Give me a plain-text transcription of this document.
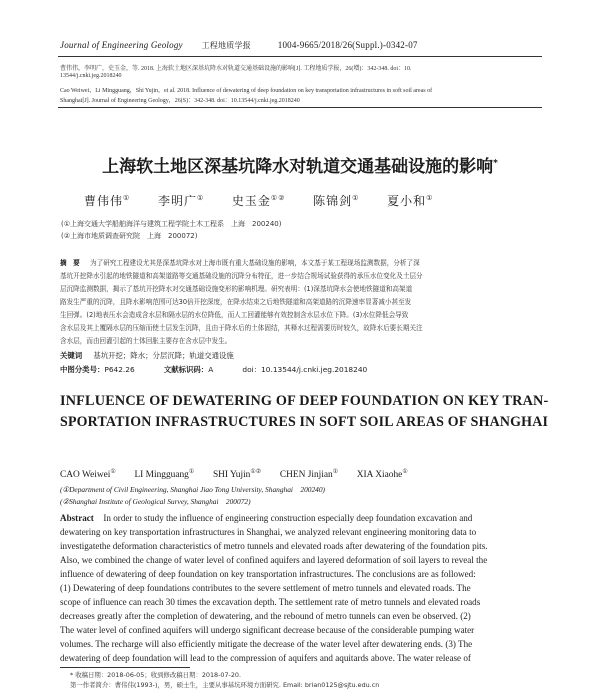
Journal of Engineering Geology 工程地质学报	1004-9665/2018/26(Suppl.)-0342-07
曹伟伟，李明广，史玉金，等. 2018. 上海软土地区深基坑降水对轨道交通基础设施的影响[J]. 工程地质学报，26(增)：342-348. doi：10.
13544/j.cnki.jeg.2018240
Cao Weiwei，Li Mingguang，Shi Yujin，et al. 2018. Influence of dewatering of deep foundation on key transportation infrastructures in soft soil areas of
Shanghai[J]. Journal of Engineering Geology，26(S)：342-348. doi：10.13544/j.cnki.jeg.2018240
上海软土地区深基坑降水对轨道交通基础设施的影响*
曹伟伟① 李明广① 史玉金①② 陈锦剑① 夏小和①
(①上海交通大学船舶海洋与建筑工程学院土木工程系　上海　200240)
(②上海市地质调查研究院　上海　200072)
摘　要 为了研究工程建设尤其是深基坑降水对上海市既有重大基础设施的影响，本文基于某工程现场监测数据，分析了深
基坑开挖降水引起的地铁隧道和高架道路等交通基础设施的沉降分布特征，进一步结合规场试验获得的承压水位变化及土层分
层沉降监测数据，揭示了基坑开挖降水对交通基础设施变形的影响机理。研究表明：(1)深基坑降水会使地铁隧道和高架道
路发生严重的沉降，且降水影响范围可达30倍开挖深度，在降水结束之后地铁隧道和高架道路的沉降速率显著减小甚至发
生回弹。(2)地表压水会造成含水层和隔水层的水位降低，而人工回灌能够有效控制含水层水位下降。(3)水位降低会导致
含水层及其上覆隔水层的压缩而使土层发生沉降，且由于降水后的土体固结，其释水过程需要历时较久，故降水后要长期关注
含水层，而由回灌引起的土体回胀主要存在含水层中发生。
关键词 基坑开挖；降水；分层沉降；轨道交通设施
中图分类号：P642.26	文献标识码：A	doi：10.13544/j.cnki.jeg.2018240
INFLUENCE OF DEWATERING OF DEEP FOUNDATION ON KEY TRAN-
SPORTATION INFRASTRUCTURES IN SOFT SOIL AREAS OF SHANGHAI
CAO Weiwei① LI Mingguang① SHI Yujin①② CHEN Jinjian① XIA Xiaohe①
(①Department of Civil Engineering, Shanghai Jiao Tong University, Shanghai　200240)
(②Shanghai Institute of Geological Survey, Shanghai　200072)
Abstract In order to study the influence of engineering construction especially deep foundation excavation and
dewatering on key transportation infrastructures in Shanghai, we analyzed relevant engineering monitoring data to
investigatethe deformation characteristics of metro tunnels and elevated roads after dewatering of the foundation pits.
Also, we combined the change of water level of confined aquifers and layered deformation of soil layers to reveal the
influence of dewatering of deep foundation on key transportation infrastructures. The conclusions are as followed:
(1) Dewatering of deep foundations contributes to the severe settlement of metro tunnels and elevated roads. The
scope of influence can reach 30 times the excavation depth. The settlement rate of metro tunnels and elevated roads
decreases greatly after the completion of dewatering, and the rebound of metro tunnels can even be observed. (2)
The water level of confined aquifers will undergo significant decrease because of the considerable pumping water
volumes. The recharge will also efficiently mitigate the decrease of the water level after dewatering ends. (3) The
dewatering of deep foundation will lead to the compression of aquifers and aquitards above. The water release of
* 收稿日期：2018-06-05；收到修改稿日期：2018-07-20.
第一作者简介：曹伟伟(1993-)，男，硕士生，主要从事基坑环境方面研究. Email: brian0125@sjtu.edu.cn
